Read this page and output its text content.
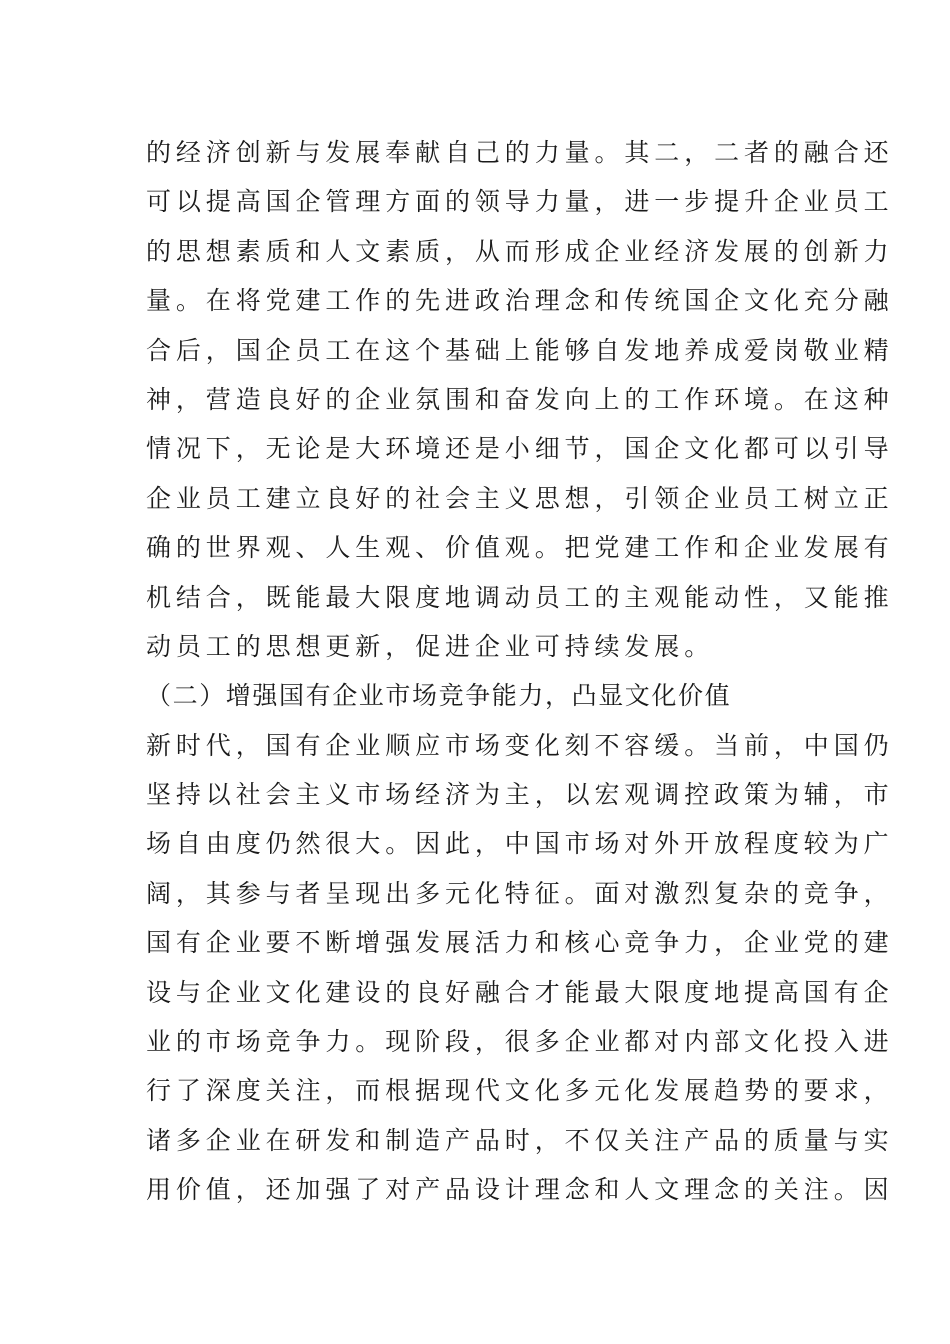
的经济创新与发展奉献自己的力量。其二，二者的融合还
可以提高国企管理方面的领导力量，进一步提升企业员工
的思想素质和人文素质，从而形成企业经济发展的创新力
量。在将党建工作的先进政治理念和传统国企文化充分融
合后，国企员工在这个基础上能够自发地养成爱岗敬业精
神，营造良好的企业氛围和奋发向上的工作环境。在这种
情况下，无论是大环境还是小细节，国企文化都可以引导
企业员工建立良好的社会主义思想，引领企业员工树立正
确的世界观、人生观、价值观。把党建工作和企业发展有
机结合，既能最大限度地调动员工的主观能动性，又能推
动员工的思想更新，促进企业可持续发展。
（二）增强国有企业市场竞争能力，凸显文化价值
新时代，国有企业顺应市场变化刻不容缓。当前，中国仍
坚持以社会主义市场经济为主，以宏观调控政策为辅，市
场自由度仍然很大。因此，中国市场对外开放程度较为广
阔，其参与者呈现出多元化特征。面对激烈复杂的竞争，
国有企业要不断增强发展活力和核心竞争力，企业党的建
设与企业文化建设的良好融合才能最大限度地提高国有企
业的市场竞争力。现阶段，很多企业都对内部文化投入进
行了深度关注，而根据现代文化多元化发展趋势的要求，
诸多企业在研发和制造产品时，不仅关注产品的质量与实
用价值，还加强了对产品设计理念和人文理念的关注。因
